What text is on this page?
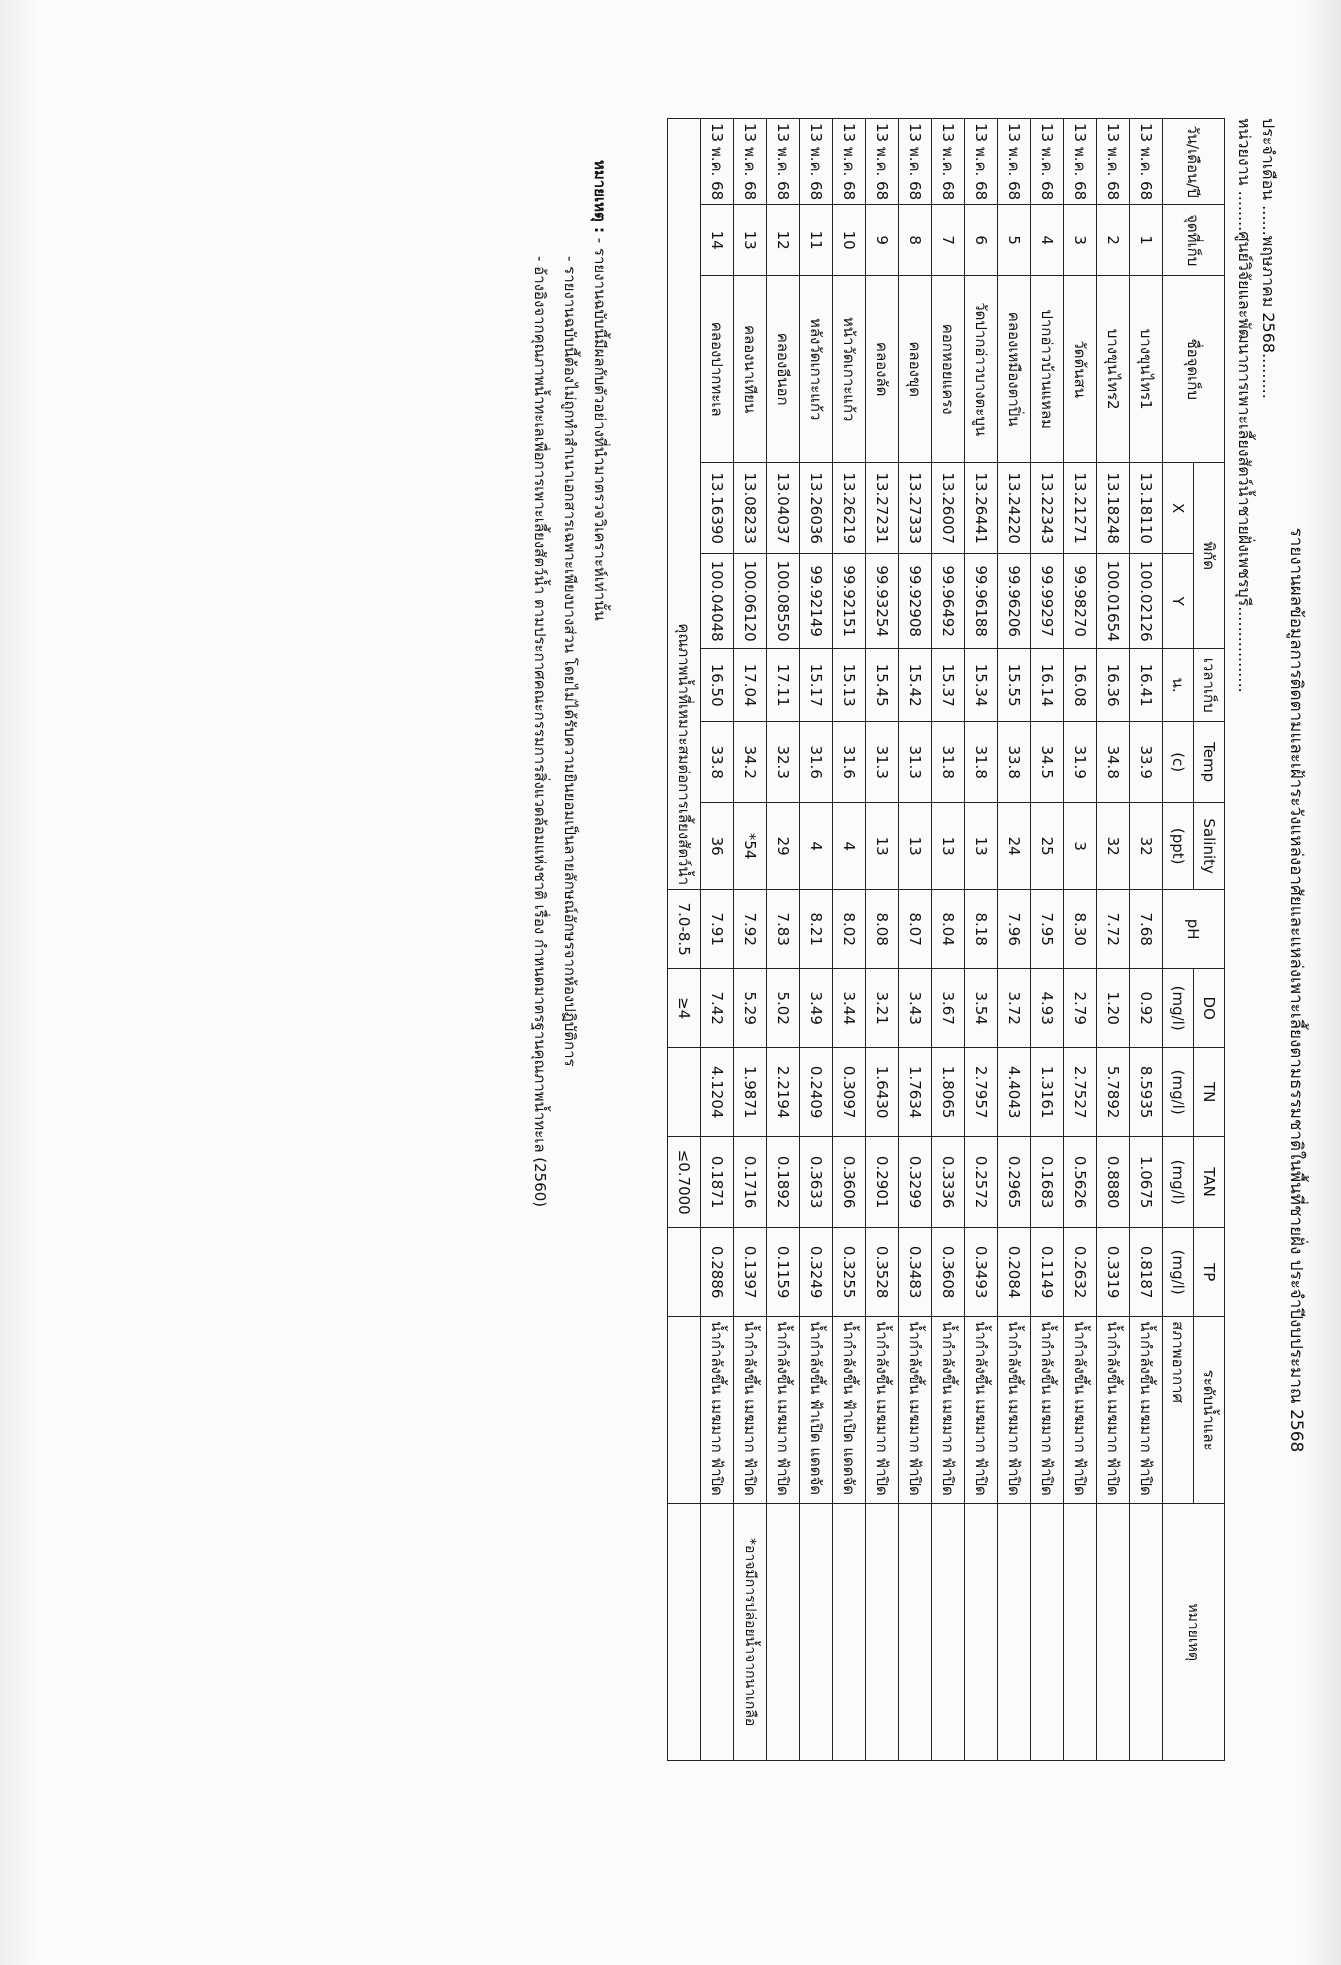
รายงานผลข้อมูลการติดตามและเฝ้าระวังแหล่งอาศัยและแหล่งเพาะเลี้ยงตามธรรมชาติในพื้นที่ชายฝั่ง ประจำปีงบประมาณ 2568
ประจำเดือน ......พฤษภาคม 2568.........
หน่วยงาน ........ศูนย์วิจัยและพัฒนาการเพาะเลี้ยงสัตว์น้ำชายฝั่งเพชรบุรี.................
วัน/เดือน/ปี	จุดที่เก็บ	ชื่อจุดเก็บ	พิกัด		เวลาเก็บ	Temp	Salinity	pH	DO	TN	TAN	TP	ระดับน้ำและ	หมายเหตุ
			X	Y	น.	(c)	(ppt)		(mg/l)	(mg/l)	(mg/l)	(mg/l)	สภาพอากาศ	
13 พ.ค. 68	1	บางขุนไทร1	13.18110	100.02126	16.41	33.9	32	7.68	0.92	8.5935	1.0675	0.8187	น้ำกำลังขึ้น เมฆมาก ฟ้าปิด	
13 พ.ค. 68	2	บางขุนไทร2	13.18248	100.01654	16.36	34.8	32	7.72	1.20	5.7892	0.8880	0.3319	น้ำกำลังขึ้น เมฆมาก ฟ้าปิด	
13 พ.ค. 68	3	วัดต้นสน	13.21271	99.98270	16.08	31.9	3	8.30	2.79	2.7527	0.5626	0.2632	น้ำกำลังขึ้น เมฆมาก ฟ้าปิด	
13 พ.ค. 68	4	ปากอ่าวบ้านแหลม	13.22343	99.99297	16.14	34.5	25	7.95	4.93	1.3161	0.1683	0.1149	น้ำกำลังขึ้น เมฆมาก ฟ้าปิด	
13 พ.ค. 68	5	คลองเหมืองตาปิ่น	13.24220	99.96206	15.55	33.8	24	7.96	3.72	4.4043	0.2965	0.2084	น้ำกำลังขึ้น เมฆมาก ฟ้าปิด	
13 พ.ค. 68	6	วัดปากอ่าวบางตะบูน	13.26441	99.96188	15.34	31.8	13	8.18	3.54	2.7957	0.2572	0.3493	น้ำกำลังขึ้น เมฆมาก ฟ้าปิด	
13 พ.ค. 68	7	คอกหอยแครง	13.26007	99.96492	15.37	31.8	13	8.04	3.67	1.8065	0.3336	0.3608	น้ำกำลังขึ้น เมฆมาก ฟ้าปิด	
13 พ.ค. 68	8	คลองขุด	13.27333	99.92908	15.42	31.3	13	8.07	3.43	1.7634	0.3299	0.3483	น้ำกำลังขึ้น เมฆมาก ฟ้าปิด	
13 พ.ค. 68	9	คลองลัด	13.27231	99.93254	15.45	31.3	13	8.08	3.21	1.6430	0.2901	0.3528	น้ำกำลังขึ้น เมฆมาก ฟ้าปิด	
13 พ.ค. 68	10	หน้าวัดเกาะแก้ว	13.26219	99.92151	15.13	31.6	4	8.02	3.44	0.3097	0.3606	0.3255	น้ำกำลังขึ้น ฟ้าเปิด แดดจัด	
13 พ.ค. 68	11	หลังวัดเกาะแก้ว	13.26036	99.92149	15.17	31.6	4	8.21	3.49	0.2409	0.3633	0.3249	น้ำกำลังขึ้น ฟ้าเปิด แดดจัด	
13 พ.ค. 68	12	คลองอีนอก	13.04037	100.08550	17.11	32.3	29	7.83	5.02	2.2194	0.1892	0.1159	น้ำกำลังขึ้น เมฆมาก ฟ้าปิด	
13 พ.ค. 68	13	คลองนาเทียน	13.08233	100.06120	17.04	34.2	*54	7.92	5.29	1.9871	0.1716	0.1397	น้ำกำลังขึ้น เมฆมาก ฟ้าปิด	*อาจมีการปล่อยน้ำจากนาเกลือ
13 พ.ค. 68	14	คลองปากทะเล	13.16390	100.04048	16.50	33.8	36	7.91	7.42	4.1204	0.1871	0.2886	น้ำกำลังขึ้น เมฆมาก ฟ้าปิด	
คุณภาพน้ำที่เหมาะสมต่อการเลี้ยงสัตว์น้ำ								7.0-8.5	≥4		≤0.7000			
หมายเหตุ : - รายงานฉบับนี้มีผลกับตัวอย่างที่นำมาตรวจวิเคราะห์เท่านั้น
- รายงานฉบับนี้ต้องไม่ถูกทำสำเนาเอกสารเฉพาะเพียงบางส่วน โดยไม่ได้รับความยินยอมเป็นลายลักษณ์อักษรจากห้องปฏิบัติการ
- อ้างอิงจากคุณภาพน้ำทะเลเพื่อการเพาะเลี้ยงสัตว์น้ำ ตามประกาศคณะกรรมการสิ่งแวดล้อมแห่งชาติ เรื่อง กำหนดมาตรฐานคุณภาพน้ำทะเล (2560)
